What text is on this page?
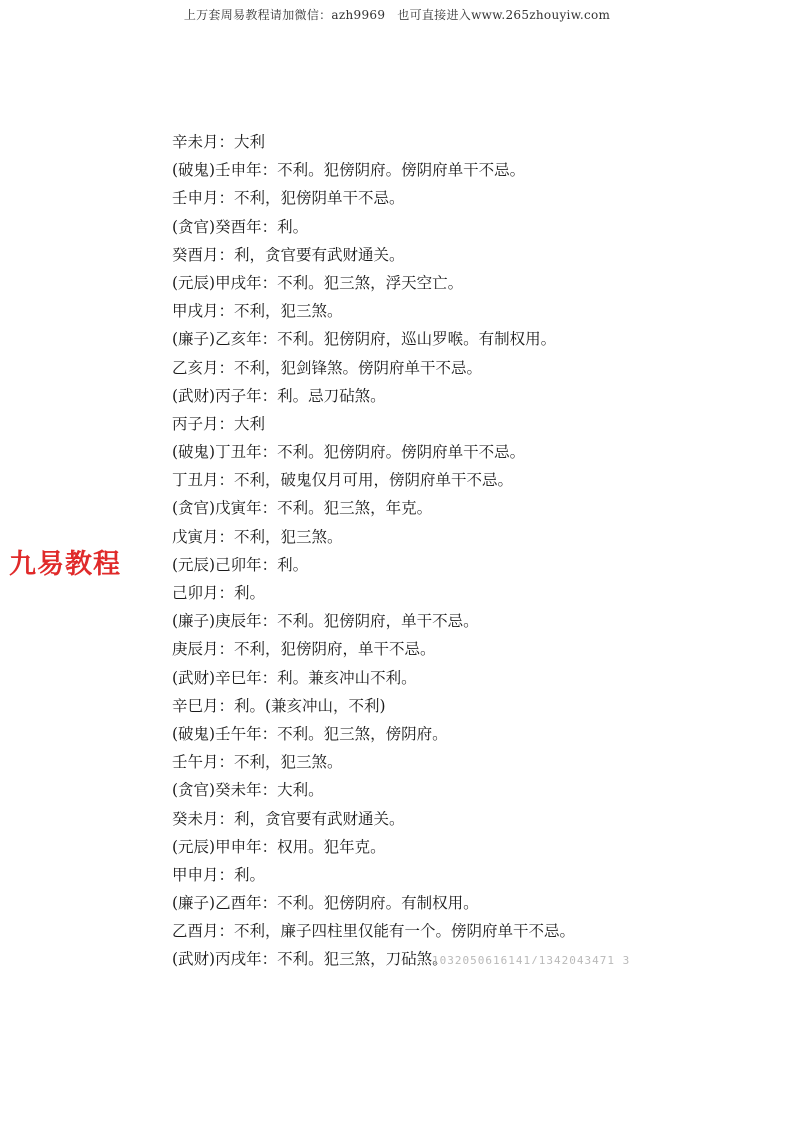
上万套周易教程请加微信：azh9969 也可直接进入www.265zhouyiw.com
九易教程
辛未月：大利
(破鬼)壬申年：不利。犯傍阴府。傍阴府单干不忌。
壬申月：不利，犯傍阴单干不忌。
(贪官)癸酉年：利。
癸酉月：利，贪官要有武财通关。
(元辰)甲戌年：不利。犯三煞，浮天空亡。
甲戌月：不利，犯三煞。
(廉子)乙亥年：不利。犯傍阴府，巡山罗喉。有制权用。
乙亥月：不利，犯剑锋煞。傍阴府单干不忌。
(武财)丙子年：利。忌刀砧煞。
丙子月：大利
(破鬼)丁丑年：不利。犯傍阴府。傍阴府单干不忌。
丁丑月：不利，破鬼仅月可用，傍阴府单干不忌。
(贪官)戊寅年：不利。犯三煞，年克。
戊寅月：不利，犯三煞。
(元辰)己卯年：利。
己卯月：利。
(廉子)庚辰年：不利。犯傍阴府，单干不忌。
庚辰月：不利，犯傍阴府，单干不忌。
(武财)辛巳年：利。兼亥冲山不利。
辛巳月：利。(兼亥冲山，不利)
(破鬼)壬午年：不利。犯三煞，傍阴府。
壬午月：不利，犯三煞。
(贪官)癸未年：大利。
癸未月：利，贪官要有武财通关。
(元辰)甲申年：权用。犯年克。
甲申月：利。
(廉子)乙酉年：不利。犯傍阴府。有制权用。
乙酉月：不利，廉子四柱里仅能有一个。傍阴府单干不忌。
(武财)丙戌年：不利。犯三煞，刀砧煞。
1032050616141/1342043471 3
